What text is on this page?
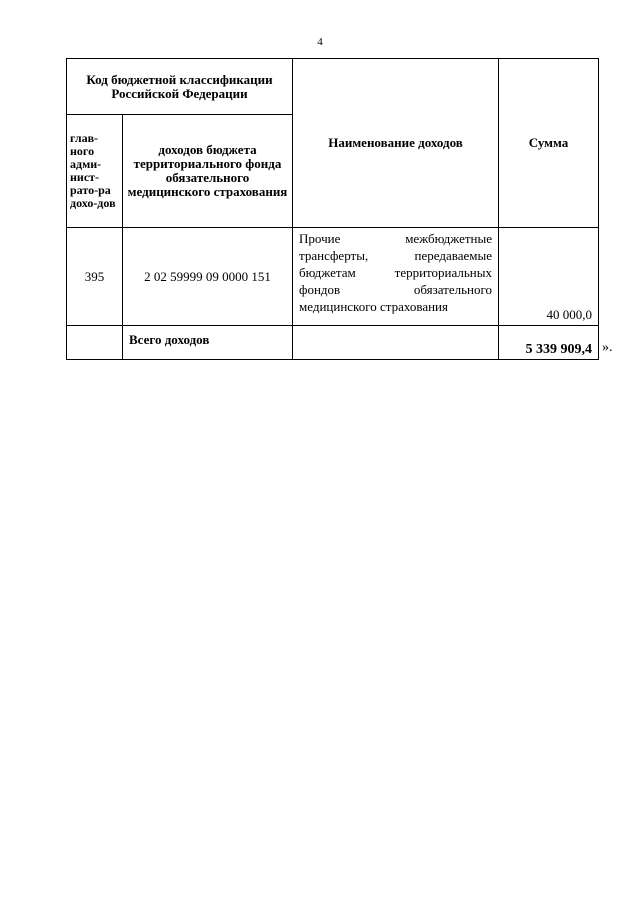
4
Код бюджетной классификации Российской Федерации		Наименование доходов	Сумма
глав-ного адми-нист-рато-ра дохо-дов	доходов бюджета территориального фонда обязательного медицинского страхования		
395	2 02 59999 09 0000 151	Прочие межбюджетные трансферты, передаваемые бюджетам территориальных фондов обязательного медицинского страхования	40 000,0
	Всего доходов		5 339 909,4 ».
